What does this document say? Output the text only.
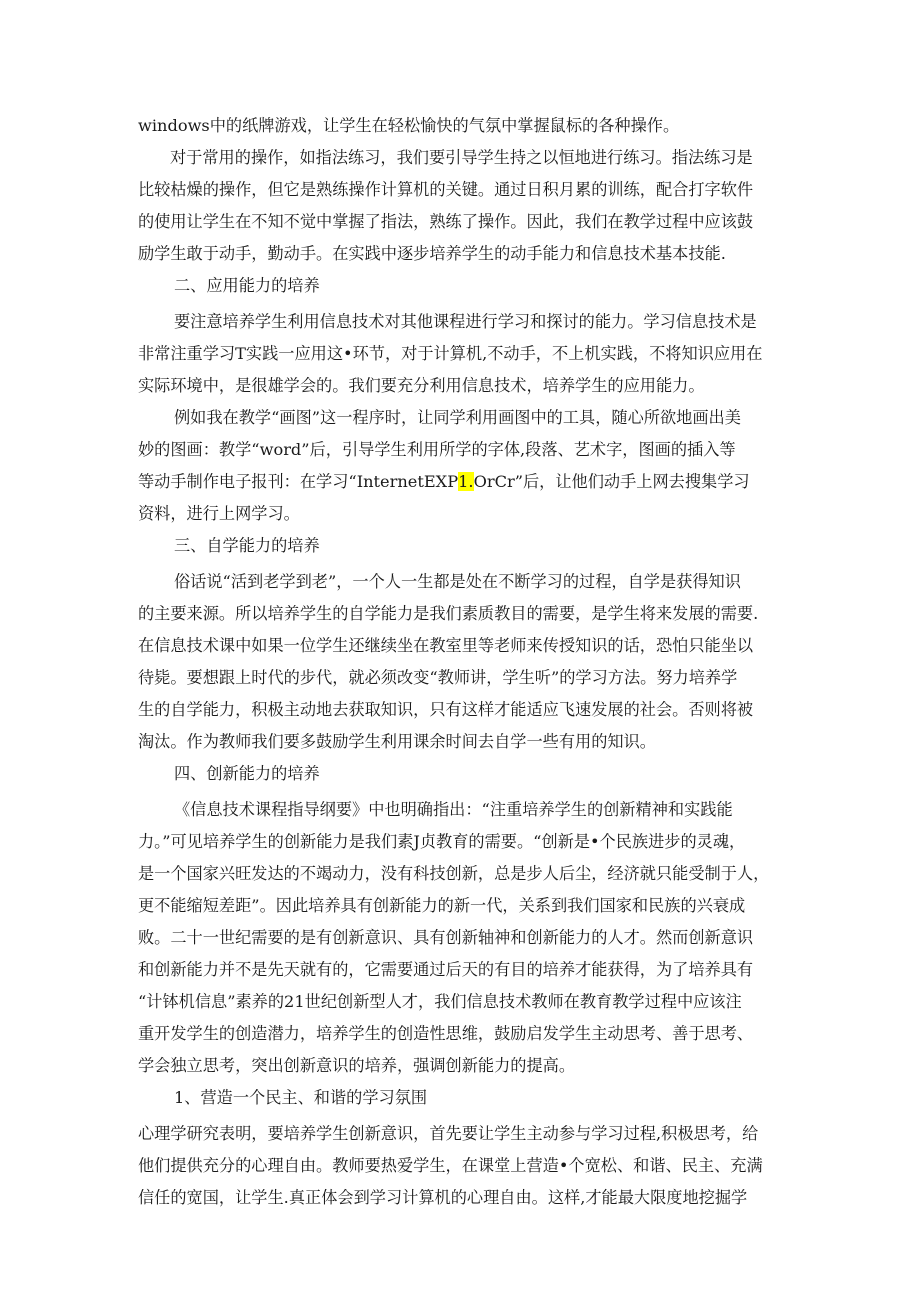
windows中的纸牌游戏，让学生在轻松愉快的气氛中掌握鼠标的各种操作。
对于常用的操作，如指法练习，我们要引导学生持之以恒地进行练习。指法练习是
比较枯燥的操作，但它是熟练操作计算机的关键。通过日积月累的训练，配合打字软件
的使用让学生在不知不觉中掌握了指法，熟练了操作。因此，我们在教学过程中应该鼓
励学生敢于动手，勤动手。在实践中逐步培养学生的动手能力和信息技术基本技能.
二、应用能力的培养
要注意培养学生利用信息技术对其他课程进行学习和探讨的能力。学习信息技术是
非常注重学习T实践一应用这•环节，对于计算机,不动手，不上机实践，不将知识应用在
实际环境中，是很雄学会的。我们要充分利用信息技术，培养学生的应用能力。
例如我在教学“画图”这一程序时，让同学利用画图中的工具，随心所欲地画出美
妙的图画：教学“word”后，引导学生利用所学的字体,段落、艺术字，图画的插入等
等动手制作电子报刊：在学习“InternetEXP1.OrCr”后，让他们动手上网去搜集学习
资料，进行上网学习。
三、自学能力的培养
俗话说“活到老学到老”，一个人一生都是处在不断学习的过程，自学是获得知识
的主要来源。所以培养学生的自学能力是我们素质教目的需要，是学生将来发展的需要.
在信息技术课中如果一位学生还继续坐在教室里等老师来传授知识的话，恐怕只能坐以
待毙。要想跟上时代的步代，就必须改变“教师讲，学生听”的学习方法。努力培养学
生的自学能力，积极主动地去获取知识，只有这样才能适应飞速发展的社会。否则将被
淘汰。作为教师我们要多鼓励学生利用课余时间去自学一些有用的知识。
四、创新能力的培养
《信息技术课程指导纲要》中也明确指出：“注重培养学生的创新精神和实践能
力。”可见培养学生的创新能力是我们素J贞教育的需要。“创新是•个民族进步的灵魂，
是一个国家兴旺发达的不竭动力，没有科技创新，总是步人后尘，经济就只能受制于人，
更不能缩短差距”。因此培养具有创新能力的新一代，关系到我们国家和民族的兴衰成
败。二十一世纪需要的是有创新意识、具有创新轴神和创新能力的人才。然而创新意识
和创新能力并不是先天就有的，它需要通过后天的有目的培养才能获得，为了培养具有
“计钵机信息”素养的21世纪创新型人才，我们信息技术教师在教育教学过程中应该注
重开发学生的创造潜力，培养学生的创造性思维，鼓励启发学生主动思考、善于思考、
学会独立思考，突出创新意识的培养，强调创新能力的提高。
1、营造一个民主、和谐的学习氛围
心理学研究表明，要培养学生创新意识，首先要让学生主动参与学习过程,积极思考，给
他们提供充分的心理自由。教师要热爱学生，在课堂上营造•个宽松、和谐、民主、充满
信任的宽国，让学生.真正体会到学习计算机的心理自由。这样,才能最大限度地挖掘学
